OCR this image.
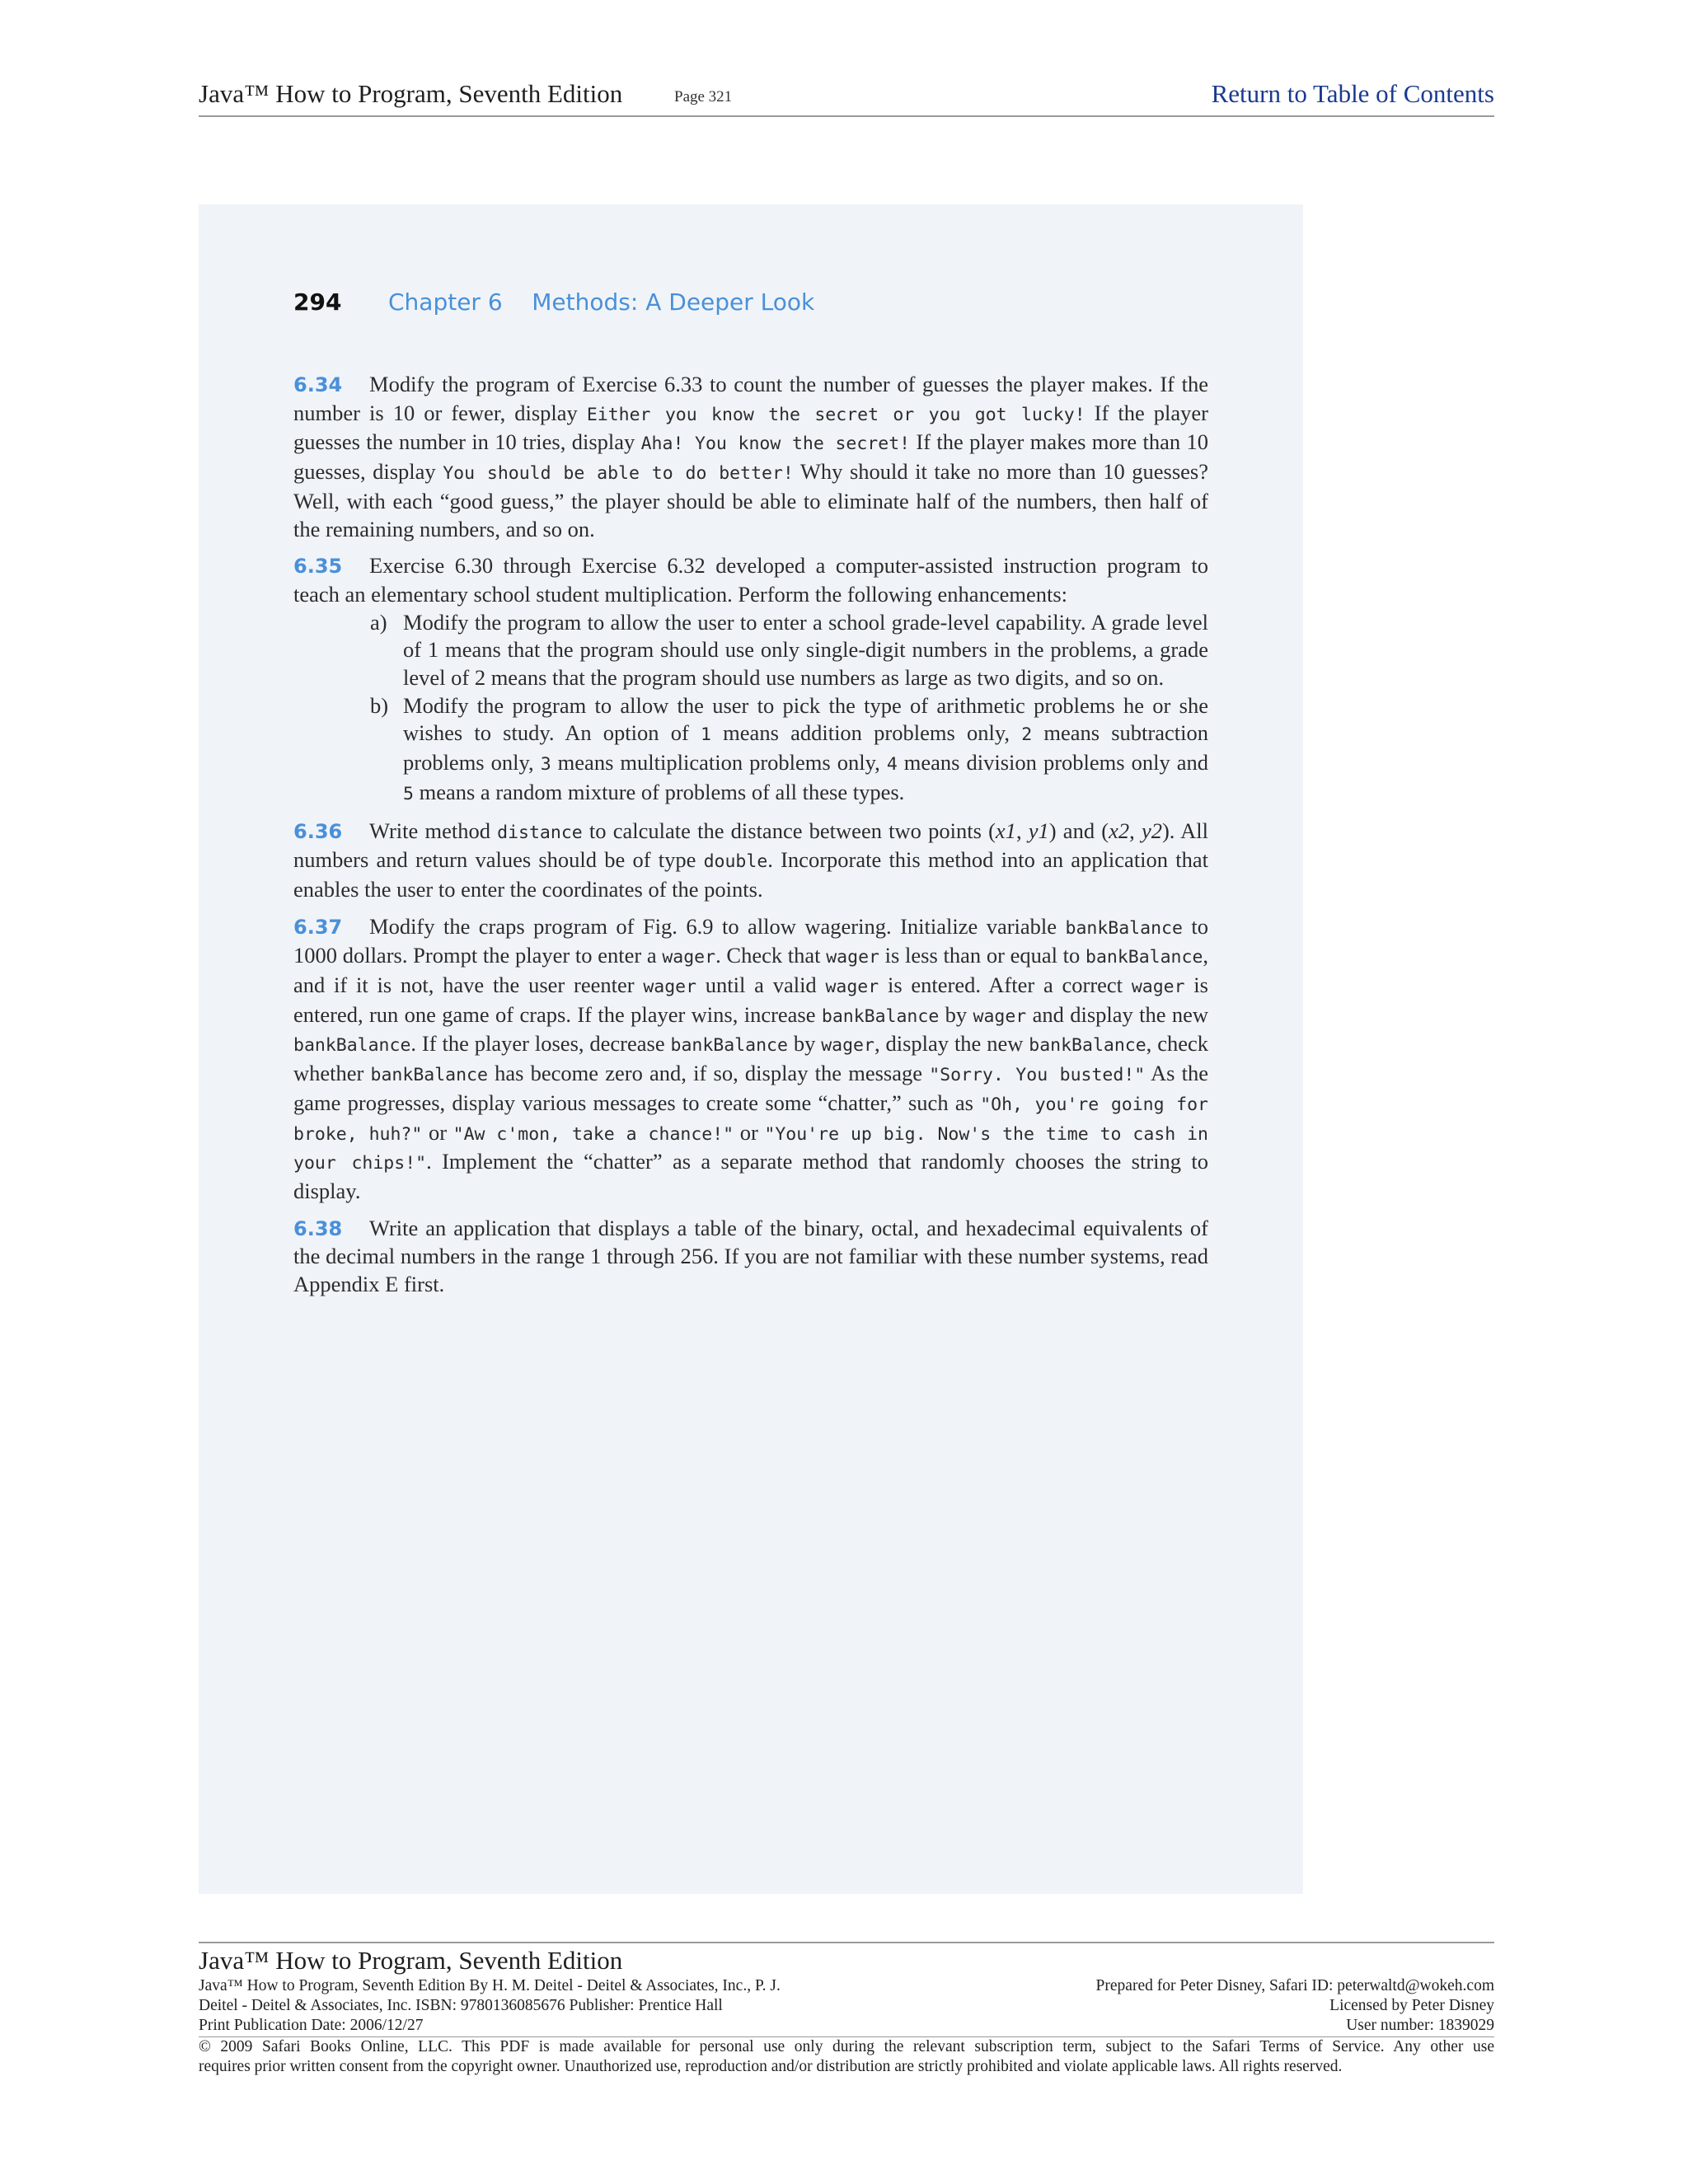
Java™ How to Program, Seventh Edition	Page 321	Return to Table of Contents
294 Chapter 6    Methods: A Deeper Look
6.34 Modify the program of Exercise 6.33 to count the number of guesses the player makes. If the number is 10 or fewer, display Either you know the secret or you got lucky! If the player guesses the number in 10 tries, display Aha! You know the secret! If the player makes more than 10 guesses, display You should be able to do better! Why should it take no more than 10 guesses? Well, with each “good guess,” the player should be able to eliminate half of the numbers, then half of the remaining numbers, and so on.
6.35 Exercise 6.30 through Exercise 6.32 developed a computer-assisted instruction program to teach an elementary school student multiplication. Perform the following enhancements:
a) Modify the program to allow the user to enter a school grade-level capability. A grade level of 1 means that the program should use only single-digit numbers in the problems, a grade level of 2 means that the program should use numbers as large as two digits, and so on.
b) Modify the program to allow the user to pick the type of arithmetic problems he or she wishes to study. An option of 1 means addition problems only, 2 means subtraction problems only, 3 means multiplication problems only, 4 means division problems only and 5 means a random mixture of problems of all these types.
6.36 Write method distance to calculate the distance between two points (x1, y1) and (x2, y2). All numbers and return values should be of type double. Incorporate this method into an application that enables the user to enter the coordinates of the points.
6.37 Modify the craps program of Fig. 6.9 to allow wagering. Initialize variable bankBalance to 1000 dollars. Prompt the player to enter a wager. Check that wager is less than or equal to bankBalance, and if it is not, have the user reenter wager until a valid wager is entered. After a correct wager is entered, run one game of craps. If the player wins, increase bankBalance by wager and display the new bankBalance. If the player loses, decrease bankBalance by wager, display the new bankBalance, check whether bankBalance has become zero and, if so, display the message "Sorry. You busted!" As the game progresses, display various messages to create some “chatter,” such as "Oh, you're going for broke, huh?" or "Aw c'mon, take a chance!" or "You're up big. Now's the time to cash in your chips!". Implement the “chatter” as a separate method that randomly chooses the string to display.
6.38 Write an application that displays a table of the binary, octal, and hexadecimal equivalents of the decimal numbers in the range 1 through 256. If you are not familiar with these number systems, read Appendix E first.
Java™ How to Program, Seventh Edition
Java™ How to Program, Seventh Edition By H. M. Deitel - Deitel & Associates, Inc., P. J.
Deitel - Deitel & Associates, Inc. ISBN: 9780136085676 Publisher: Prentice Hall
Print Publication Date: 2006/12/27
Prepared for Peter Disney, Safari ID: peterwaltd@wokeh.com
Licensed by Peter Disney
User number: 1839029
© 2009 Safari Books Online, LLC. This PDF is made available for personal use only during the relevant subscription term, subject to the Safari Terms of Service. Any other use
requires prior written consent from the copyright owner. Unauthorized use, reproduction and/or distribution are strictly prohibited and violate applicable laws. All rights reserved.
